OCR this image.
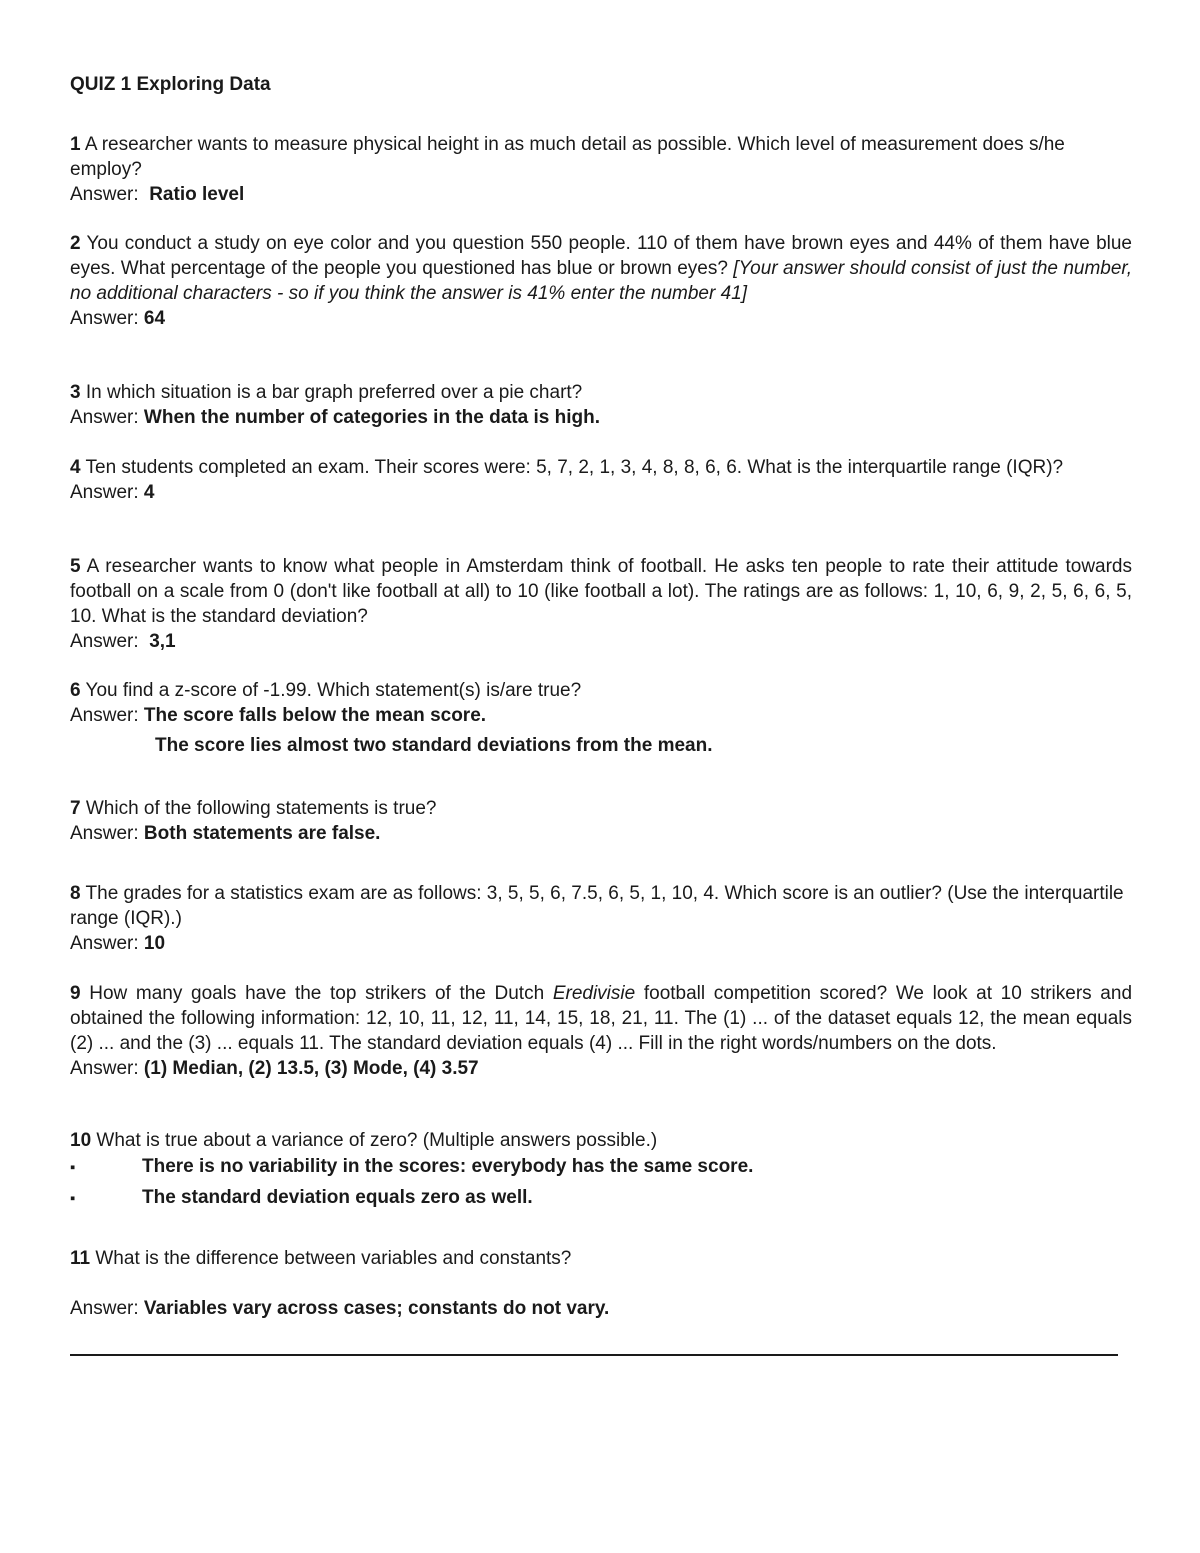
QUIZ 1 Exploring Data
1 A researcher wants to measure physical height in as much detail as possible. Which level of measurement does s/he employ?
Answer: Ratio level
2 You conduct a study on eye color and you question 550 people. 110 of them have brown eyes and 44% of them have blue eyes. What percentage of the people you questioned has blue or brown eyes? [Your answer should consist of just the number, no additional characters - so if you think the answer is 41% enter the number 41]
Answer: 64
3 In which situation is a bar graph preferred over a pie chart?
Answer: When the number of categories in the data is high.
4 Ten students completed an exam. Their scores were: 5, 7, 2, 1, 3, 4, 8, 8, 6, 6. What is the interquartile range (IQR)?
Answer: 4
5 A researcher wants to know what people in Amsterdam think of football. He asks ten people to rate their attitude towards football on a scale from 0 (don't like football at all) to 10 (like football a lot). The ratings are as follows: 1, 10, 6, 9, 2, 5, 6, 6, 5, 10. What is the standard deviation?
Answer: 3,1
6 You find a z-score of -1.99. Which statement(s) is/are true?
Answer: The score falls below the mean score.
The score lies almost two standard deviations from the mean.
7 Which of the following statements is true?
Answer: Both statements are false.
8 The grades for a statistics exam are as follows: 3, 5, 5, 6, 7.5, 6, 5, 1, 10, 4. Which score is an outlier? (Use the interquartile range (IQR).)
Answer: 10
9 How many goals have the top strikers of the Dutch Eredivisie football competition scored? We look at 10 strikers and obtained the following information: 12, 10, 11, 12, 11, 14, 15, 18, 21, 11. The (1) ... of the dataset equals 12, the mean equals (2) ... and the (3) ... equals 11. The standard deviation equals (4) ... Fill in the right words/numbers on the dots.
Answer: (1) Median, (2) 13.5, (3) Mode, (4) 3.57
10 What is true about a variance of zero? (Multiple answers possible.)
▪	There is no variability in the scores: everybody has the same score.
▪	The standard deviation equals zero as well.
11 What is the difference between variables and constants?
Answer: Variables vary across cases; constants do not vary.
